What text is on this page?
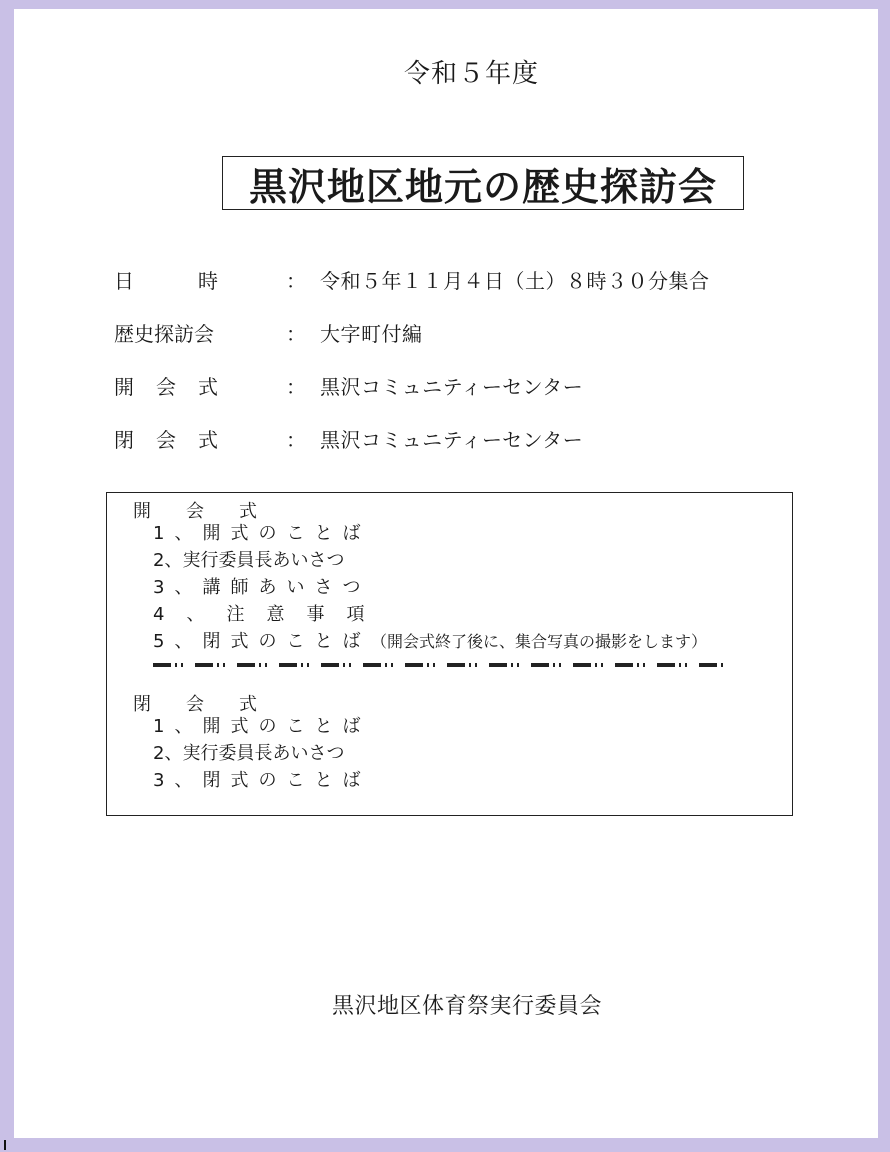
令和５年度
黒沢地区地元の歴史探訪会
日	時	： 令和５年１１月４日（土）８時３０分集合
歴史探訪会	： 大字町付編
開 会 式	： 黒沢コミュニティーセンター
閉 会 式	： 黒沢コミュニティーセンター
開 会 式
1、開式のことば
2、実行委員長あいさつ
3、講師あいさつ
4、注意事項
5、閉式のことば （開会式終了後に、集合写真の撮影をします）
閉 会 式
1、開式のことば
2、実行委員長あいさつ
3、閉式のことば
黒沢地区体育祭実行委員会
